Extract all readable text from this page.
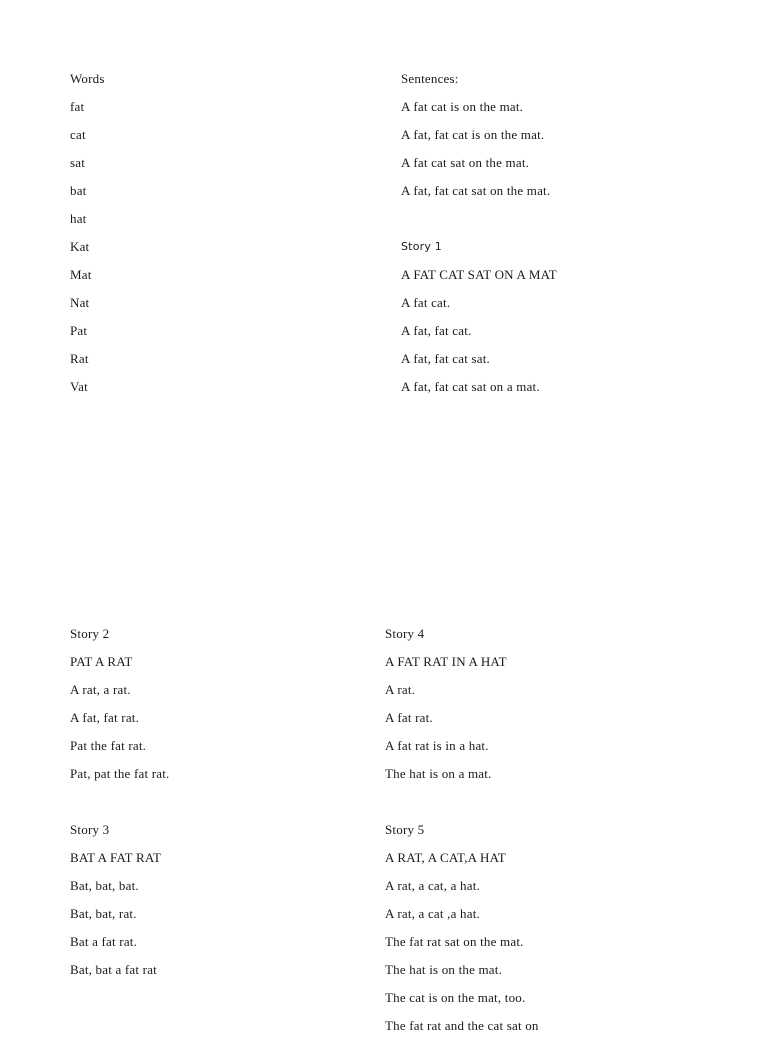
Words
fat
cat
sat
bat
hat
Kat
Mat
Nat
Pat
Rat
Vat
Sentences:
A fat cat is on the mat.
A fat, fat cat is on the mat.
A fat cat sat on the mat.
A fat, fat cat sat on the mat.
Story 1
A FAT CAT SAT ON A MAT
A fat cat.
A fat, fat cat.
A fat, fat cat sat.
A fat, fat cat sat on a mat.
Story 2
PAT A RAT
A rat, a rat.
A fat, fat rat.
Pat the fat rat.
Pat, pat the fat rat.
Story 3
BAT A FAT RAT
Bat, bat, bat.
Bat, bat, rat.
Bat a fat rat.
Bat, bat a fat rat
Story 4
A FAT RAT IN A HAT
A rat.
A fat rat.
A fat rat is in a hat.
The hat is on a mat.
Story 5
A RAT, A CAT,A HAT
A rat, a cat, a hat.
A rat, a cat ,a hat.
The fat rat sat on the mat.
The hat is on the mat.
The cat is on the mat, too.
The fat rat and the cat sat on
